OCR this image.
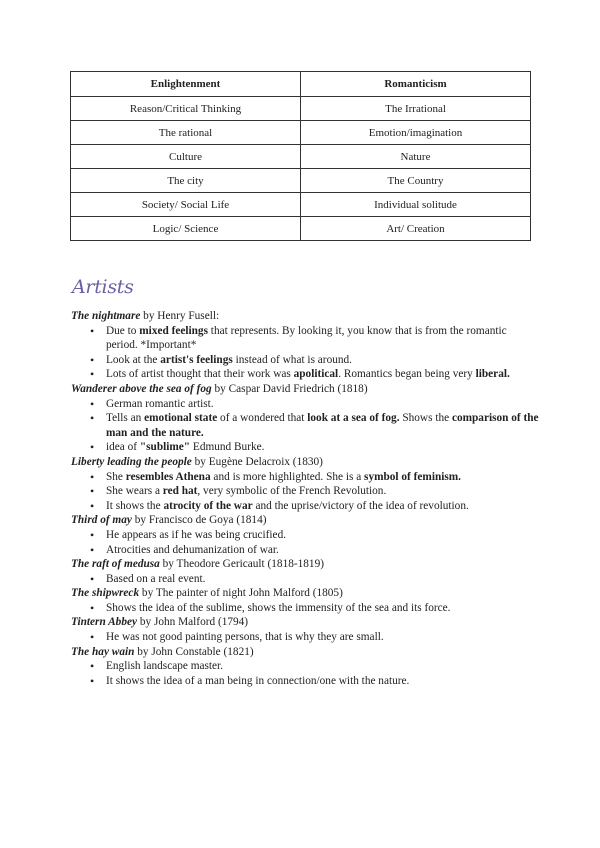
Enlightenment	Romanticism
Reason/Critical Thinking	The Irrational
The rational	Emotion/imagination
Culture	Nature
The city	The Country
Society/ Social Life	Individual solitude
Logic/ Science	Art/ Creation
Artists

The nightmare by Henry Fusell:

• Due to mixed feelings that represents. By looking it, you know that is from the romantic period. *Important*
• Look at the artist's feelings instead of what is around.
• Lots of artist thought that their work was apolitical. Romantics began being very liberal.

Wanderer above the sea of fog by Caspar David Friedrich (1818)

• German romantic artist.
• Tells an emotional state of a wondered that look at a sea of fog. Shows the comparison of the man and the nature.
• idea of "sublime" Edmund Burke.

Liberty leading the people by Eugène Delacroix (1830)

• She resembles Athena and is more highlighted. She is a symbol of feminism.
• She wears a red hat, very symbolic of the French Revolution.
• It shows the atrocity of the war and the uprise/victory of the idea of revolution.

Third of may by Francisco de Goya (1814)

• He appears as if he was being crucified.
• Atrocities and dehumanization of war.

The raft of medusa by Theodore Gericault (1818-1819)

• Based on a real event.

The shipwreck by The painter of night John Malford (1805)

• Shows the idea of the sublime, shows the immensity of the sea and its force.

Tintern Abbey by John Malford (1794)

• He was not good painting persons, that is why they are small.

The hay wain by John Constable (1821)

• English landscape master.
• It shows the idea of a man being in connection/one with the nature.
